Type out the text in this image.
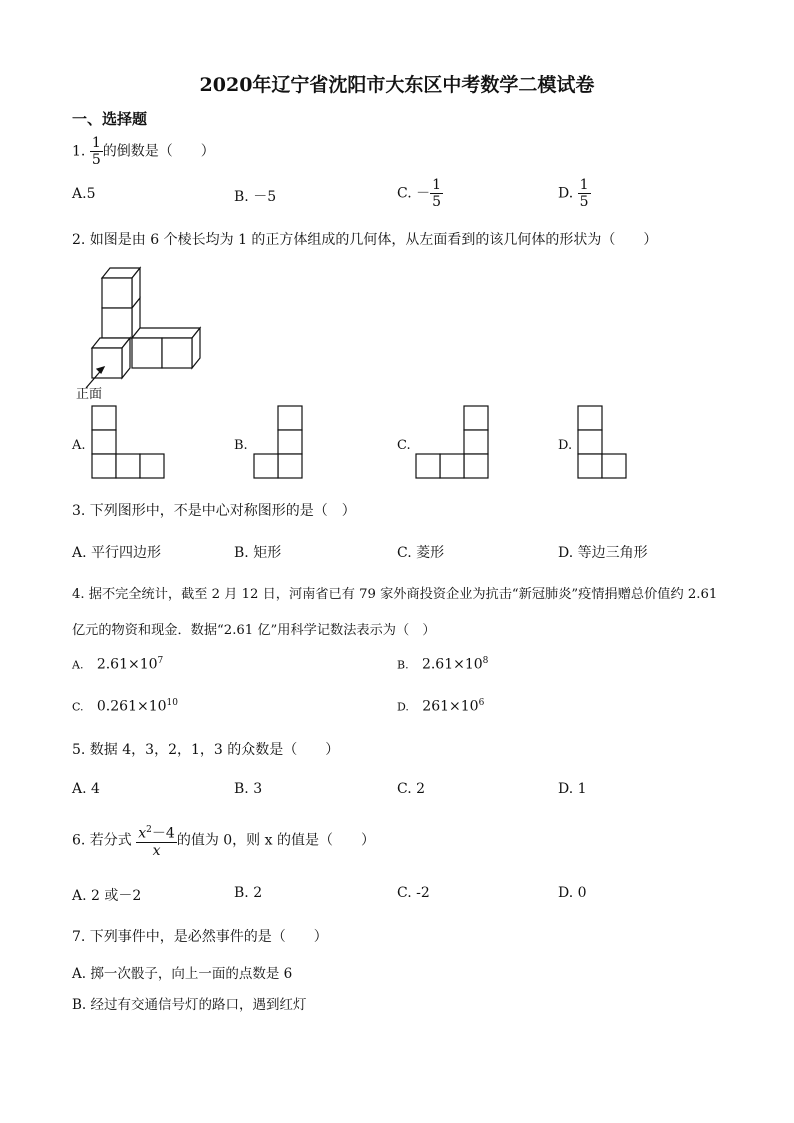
2020年辽宁省沈阳市大东区中考数学二模试卷
一、选择题
1. $\frac{1}{5}$ 的倒数是（　　）
A.5	B. －5	C. － $\frac{1}{5}$	D. $\frac{1}{5}$
2. 如图是由 6 个棱长均为 1 的正方体组成的几何体，从左面看到的该几何体的形状为（　　）
正面
A.	B.	C.	D.
3. 下列图形中，不是中心对称图形的是（　）
A. 平行四边形	B. 矩形	C. 菱形	D. 等边三角形
4. 据不完全统计，截至 2 月 12 日，河南省已有 79 家外商投资企业为抗击“新冠肺炎”疫情捐赠总价值约 2.61
亿元的物资和现金．数据“2.61 亿”用科学记数法表示为（　）
A. $2.61\times 10^7$	B. $2.61\times 10^8$
C. $0.261\times 10^{10}$	D. $261\times 10^6$
5. 数据 4，3，2，1，3 的众数是（　　）
A. 4	B. 3	C. 2	D. 1
6. 若分式 $\frac{x^2-4}{x}$ 的值为 0，则 x 的值是（　　）
A. 2 或－2	B. 2	C. -2	D. 0
7. 下列事件中，是必然事件的是（　　）
A. 掷一次骰子，向上一面的点数是 6
B. 经过有交通信号灯的路口，遇到红灯
